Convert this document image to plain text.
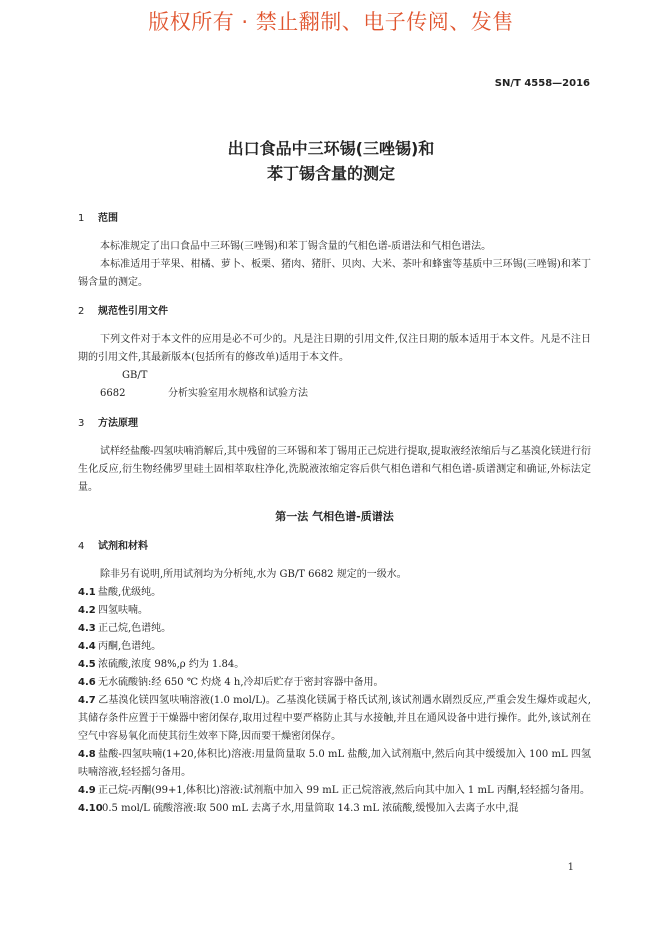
版权所有 · 禁止翻制、电子传阅、发售
SN/T 4558—2016
出口食品中三环锡(三唑锡)和
苯丁锡含量的测定
1 范围

本标准规定了出口食品中三环锡(三唑锡)和苯丁锡含量的气相色谱-质谱法和气相色谱法。

本标准适用于苹果、柑橘、萝卜、板栗、猪肉、猪肝、贝肉、大米、茶叶和蜂蜜等基质中三环锡(三唑锡)和苯丁锡含量的测定。

2 规范性引用文件

下列文件对于本文件的应用是必不可少的。凡是注日期的引用文件,仅注日期的版本适用于本文件。凡是不注日期的引用文件,其最新版本(包括所有的修改单)适用于本文件。

GB/T 6682	分析实验室用水规格和试验方法

3 方法原理

试样经盐酸-四氢呋喃消解后,其中残留的三环锡和苯丁锡用正己烷进行提取,提取液经浓缩后与乙基溴化镁进行衍生化反应,衍生物经佛罗里硅土固相萃取柱净化,洗脱液浓缩定容后供气相色谱和气相色谱-质谱测定和确证,外标法定量。

第一法 气相色谱-质谱法
4 试剂和材料

除非另有说明,所用试剂均为分析纯,水为 GB/T 6682 规定的一级水。

4.1 盐酸,优级纯。

4.2 四氢呋喃。

4.3 正己烷,色谱纯。

4.4 丙酮,色谱纯。

4.5 浓硫酸,浓度 98%,ρ 约为 1.84。

4.6 无水硫酸钠:经 650 ℃ 灼烧 4 h,冷却后贮存于密封容器中备用。

4.7 乙基溴化镁四氢呋喃溶液(1.0 mol/L)。乙基溴化镁属于格氏试剂,该试剂遇水剧烈反应,严重会发生爆炸或起火,其储存条件应置于干燥器中密闭保存,取用过程中要严格防止其与水接触,并且在通风设备中进行操作。此外,该试剂在空气中容易氧化而使其衍生效率下降,因而要干燥密闭保存。

4.8 盐酸-四氢呋喃(1+20,体积比)溶液:用量筒量取 5.0 mL 盐酸,加入试剂瓶中,然后向其中缓缓加入 100 mL 四氢呋喃溶液,轻轻摇匀备用。

4.9 正己烷-丙酮(99+1,体积比)溶液:试剂瓶中加入 99 mL 正己烷溶液,然后向其中加入 1 mL 丙酮,轻轻摇匀备用。

4.100.5 mol/L 硫酸溶液:取 500 mL 去离子水,用量筒取 14.3 mL 浓硫酸,缓慢加入去离子水中,混

1
